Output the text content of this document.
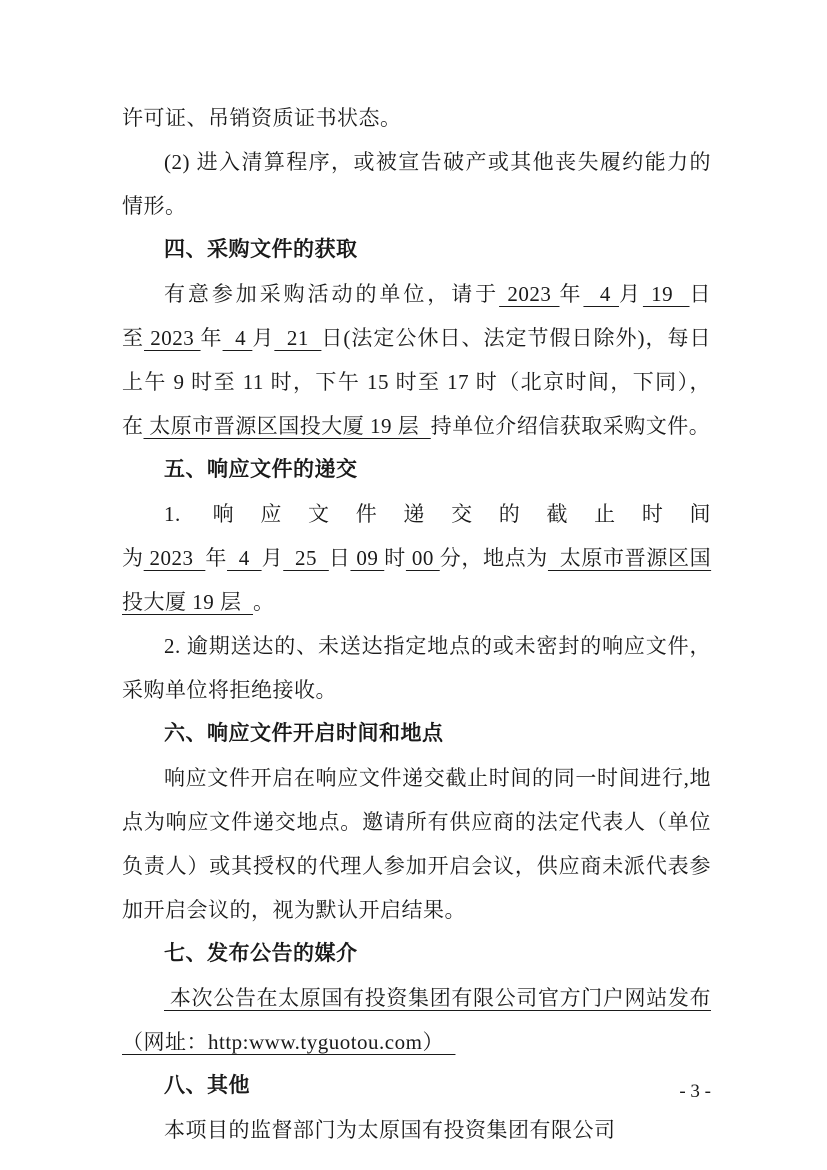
许可证、吊销资质证书状态。
(2) 进入清算程序，或被宣告破产或其他丧失履约能力的情形。
四、采购文件的获取
有意参加采购活动的单位，请于 2023 年  4 月 19  日至 2023 年  4 月  21  日(法定公休日、法定节假日除外)，每日上午 9 时至 11 时，下午 15 时至 17 时（北京时间，下同），在 太原市晋源区国投大厦 19 层  持单位介绍信获取采购文件。
五、响应文件的递交
1. 响应文件递交的截止时间为 2023  年  4  月  25  日 09 时 00 分，地点为  太原市晋源区国投大厦 19 层  。
2. 逾期送达的、未送达指定地点的或未密封的响应文件，采购单位将拒绝接收。
六、响应文件开启时间和地点
响应文件开启在响应文件递交截止时间的同一时间进行,地点为响应文件递交地点。邀请所有供应商的法定代表人（单位负责人）或其授权的代理人参加开启会议，供应商未派代表参加开启会议的，视为默认开启结果。
七、发布公告的媒介
本次公告在太原国有投资集团有限公司官方门户网站发布（网址：http:www.tyguotou.com）
八、其他
本项目的监督部门为太原国有投资集团有限公司
- 3 -
